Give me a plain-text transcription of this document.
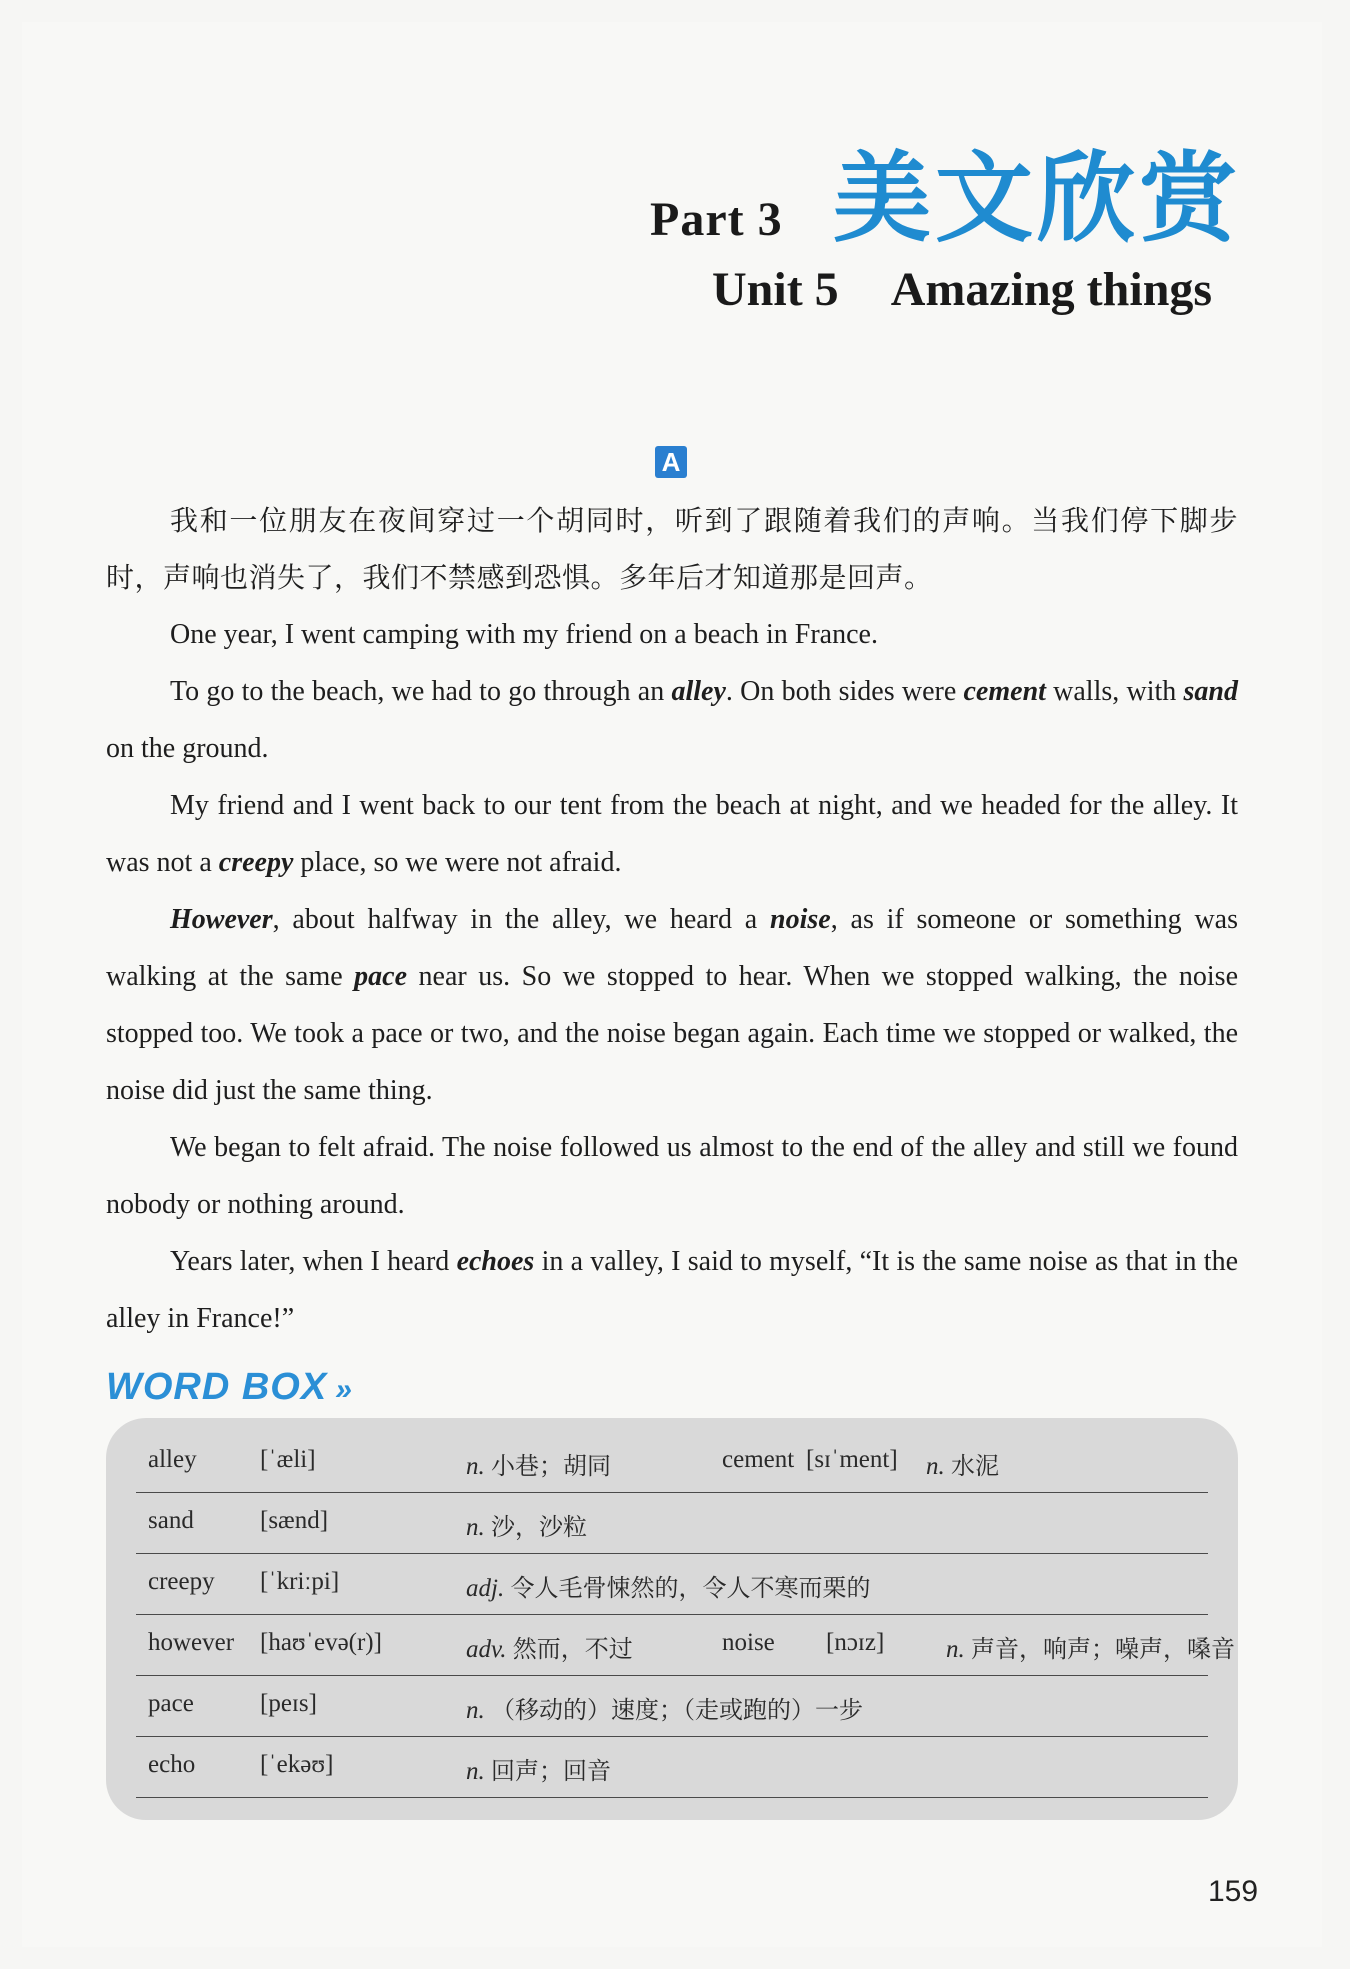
Part 3 美文欣赏
Unit 5 Amazing things
A

我和一位朋友在夜间穿过一个胡同时，听到了跟随着我们的声响。当我们停下脚步时，声响也消失了，我们不禁感到恐惧。多年后才知道那是回声。

One year, I went camping with my friend on a beach in France.

To go to the beach, we had to go through an alley. On both sides were cement walls, with sand on the ground.

My friend and I went back to our tent from the beach at night, and we headed for the alley. It was not a creepy place, so we were not afraid.

However, about halfway in the alley, we heard a noise, as if someone or something was walking at the same pace near us. So we stopped to hear. When we stopped walking, the noise stopped too. We took a pace or two, and the noise began again. Each time we stopped or walked, the noise did just the same thing.

We began to felt afraid. The noise followed us almost to the end of the alley and still we found nobody or nothing around.

Years later, when I heard echoes in a valley, I said to myself, “It is the same noise as that in the alley in France!”

WORD BOX »
alley	[ˈæli]	n. 小巷；胡同	cement [sɪˈment] n. 水泥
sand	[sænd]	n. 沙，沙粒
creepy [ˈkriːpi]	adj. 令人毛骨悚然的，令人不寒而栗的
however [haʊˈevə(r)]	adv. 然而，不过	noise [nɔɪz] n. 声音，响声；噪声，嗓音
pace	[peɪs]	n. （移动的）速度；（走或跑的）一步
echo	[ˈekəʊ]	n. 回声；回音
159
